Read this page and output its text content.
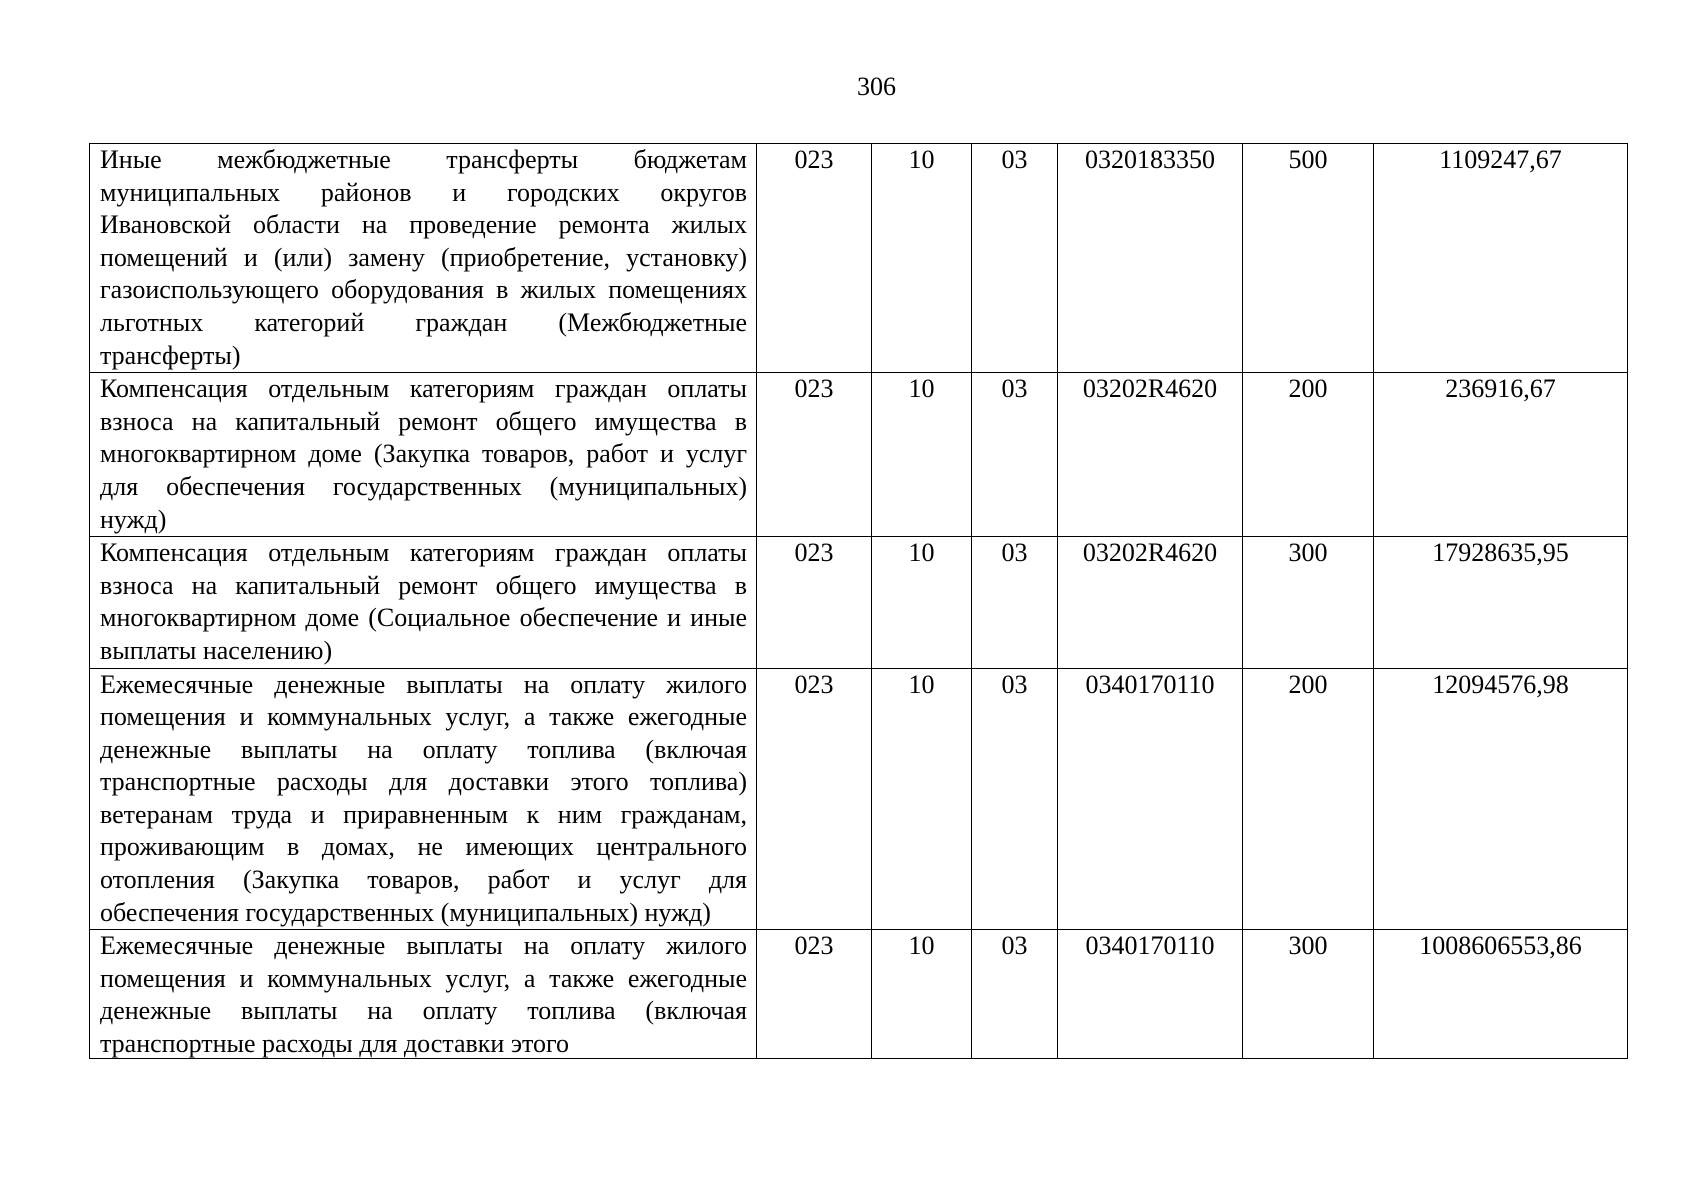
306
Иные межбюджетные трансферты бюджетам муниципальных районов и городских округов Ивановской области на проведение ремонта жилых помещений и (или) замену (приобретение, установку) газоиспользующего оборудования в жилых помещениях льготных категорий граждан (Межбюджетные трансферты)	023	10	03	0320183350	500	1109247,67
Компенсация отдельным категориям граждан оплаты взноса на капитальный ремонт общего имущества в многоквартирном доме (Закупка товаров, работ и услуг для обеспечения государственных (муниципальных) нужд)	023	10	03	03202R4620	200	236916,67
Компенсация отдельным категориям граждан оплаты взноса на капитальный ремонт общего имущества в многоквартирном доме (Социальное обеспечение и иные выплаты населению)	023	10	03	03202R4620	300	17928635,95
Ежемесячные денежные выплаты на оплату жилого помещения и коммунальных услуг, а также ежегодные денежные выплаты на оплату топлива (включая транспортные расходы для доставки этого топлива) ветеранам труда и приравненным к ним гражданам, проживающим в домах, не имеющих центрального отопления (Закупка товаров, работ и услуг для обеспечения государственных (муниципальных) нужд)	023	10	03	0340170110	200	12094576,98

Ежемесячные денежные выплаты на оплату жилого помещения и коммунальных услуг, а также ежегодные денежные выплаты на оплату топлива (включая транспортные расходы для доставки этого	023	10	03	0340170110	300	1008606553,86
